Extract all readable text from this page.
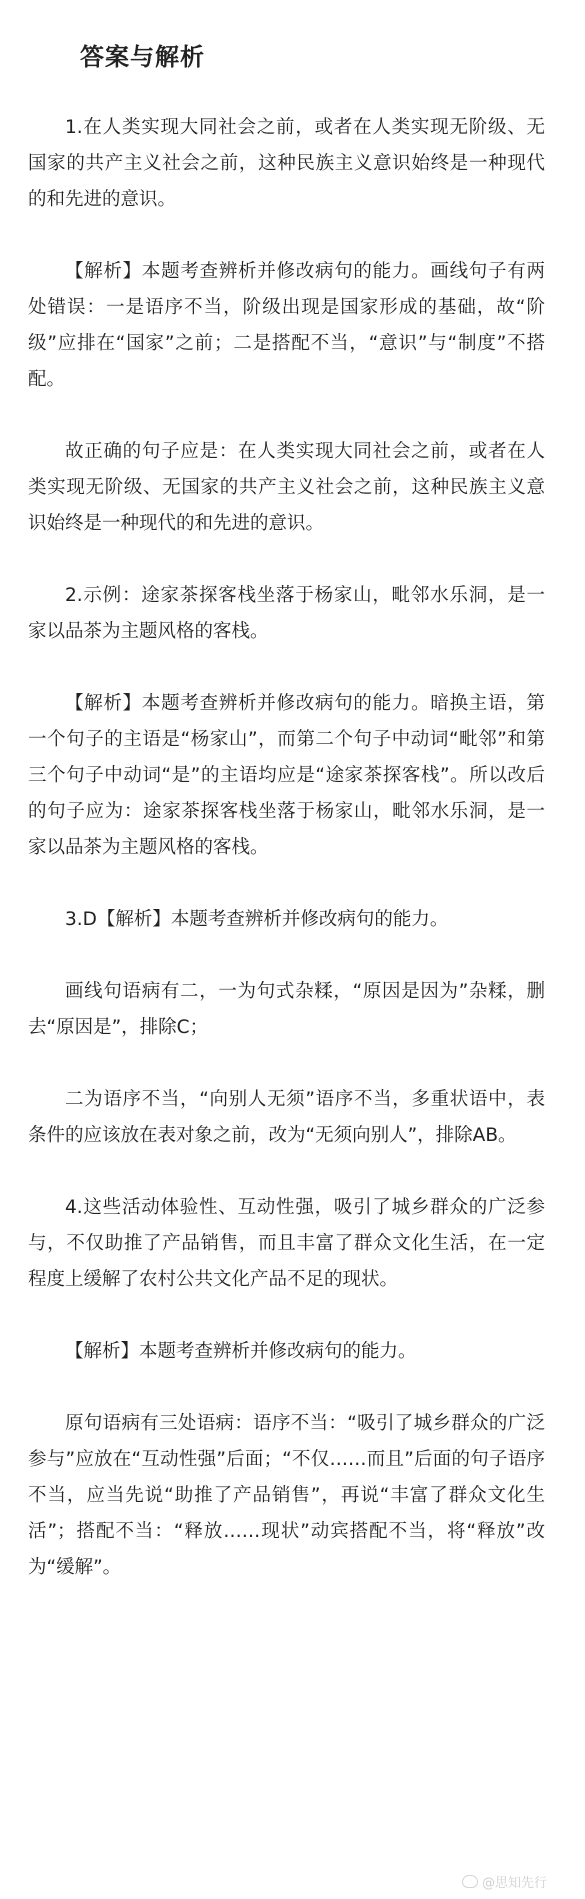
答案与解析

1.在人类实现大同社会之前，或者在人类实现无阶级、无国家的共产主义社会之前，这种民族主义意识始终是一种现代的和先进的意识。

【解析】本题考查辨析并修改病句的能力。画线句子有两处错误：一是语序不当，阶级出现是国家形成的基础，故“阶级”应排在“国家”之前；二是搭配不当，“意识”与“制度”不搭配。

故正确的句子应是：在人类实现大同社会之前，或者在人类实现无阶级、无国家的共产主义社会之前，这种民族主义意识始终是一种现代的和先进的意识。

2.示例：途家茶探客栈坐落于杨家山，毗邻水乐洞，是一家以品茶为主题风格的客栈。

【解析】本题考查辨析并修改病句的能力。暗换主语，第一个句子的主语是“杨家山”，而第二个句子中动词“毗邻”和第三个句子中动词“是”的主语均应是“途家茶探客栈”。所以改后的句子应为：途家茶探客栈坐落于杨家山，毗邻水乐洞，是一家以品茶为主题风格的客栈。

3.D【解析】本题考查辨析并修改病句的能力。

画线句语病有二，一为句式杂糅，“原因是因为”杂糅，删去“原因是”，排除C；

二为语序不当，“向别人无须”语序不当，多重状语中，表条件的应该放在表对象之前，改为“无须向别人”，排除AB。

4.这些活动体验性、互动性强，吸引了城乡群众的广泛参与，不仅助推了产品销售，而且丰富了群众文化生活，在一定程度上缓解了农村公共文化产品不足的现状。

【解析】本题考查辨析并修改病句的能力。

原句语病有三处语病：语序不当：“吸引了城乡群众的广泛参与”应放在“互动性强”后面；“不仅……而且”后面的句子语序不当，应当先说“助推了产品销售”，再说“丰富了群众文化生活”；搭配不当：“释放……现状”动宾搭配不当，将“释放”改为“缓解”。

@思知先行
